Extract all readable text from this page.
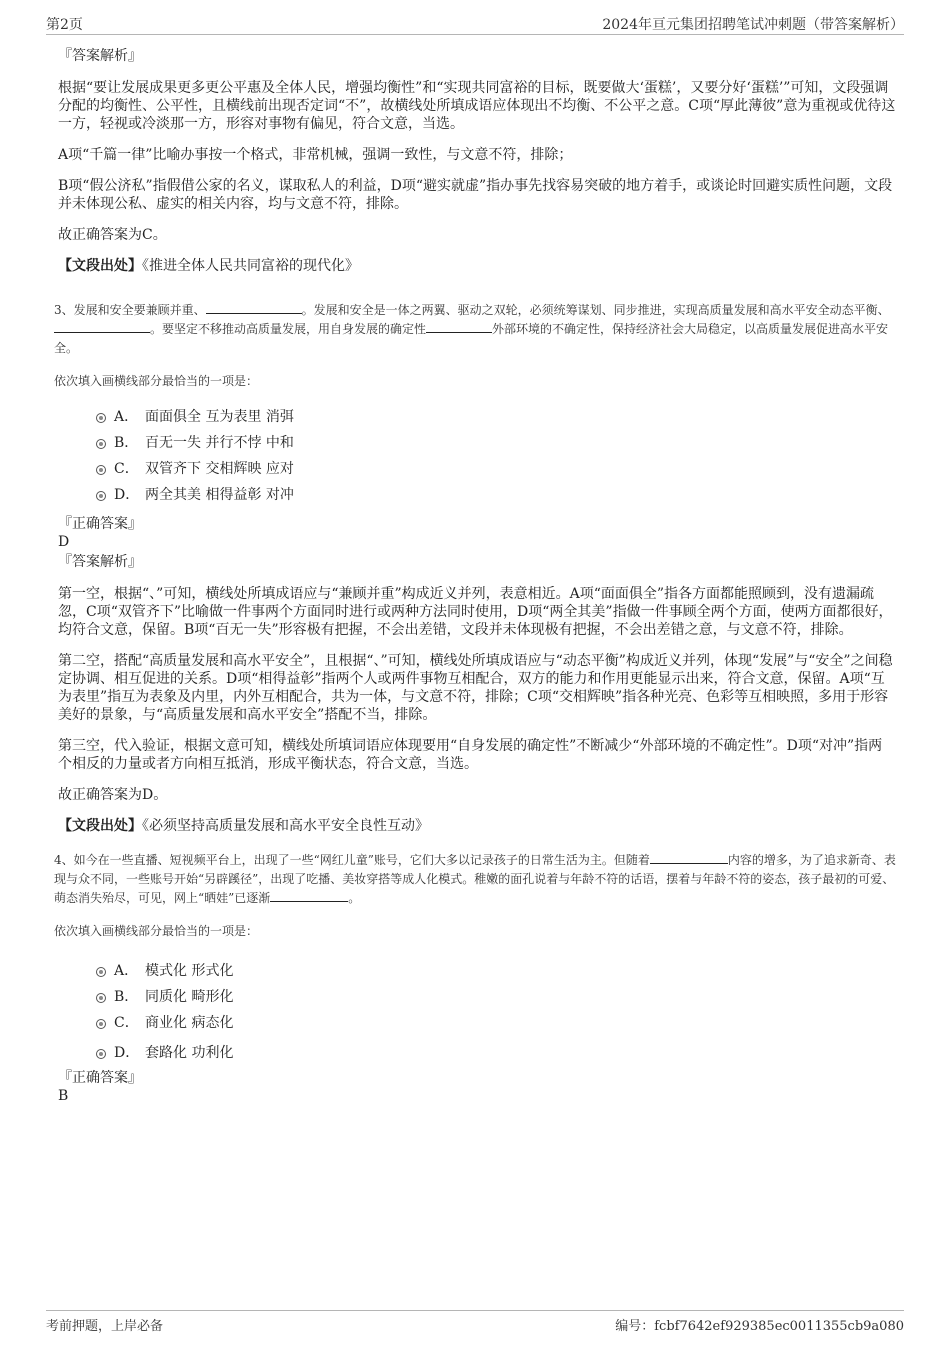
第2页	2024年亘元集团招聘笔试冲刺题（带答案解析）

『答案解析』

根据“要让发展成果更多更公平惠及全体人民，增强均衡性”和“实现共同富裕的目标，既要做大‘蛋糕’，又要分好‘蛋糕’”可知，文段强调分配的均衡性、公平性，且横线前出现否定词“不”，故横线处所填成语应体现出不均衡、不公平之意。C项“厚此薄彼”意为重视或优待这一方，轻视或冷淡那一方，形容对事物有偏见，符合文意，当选。

A项“千篇一律”比喻办事按一个格式，非常机械，强调一致性，与文意不符，排除；

B项“假公济私”指假借公家的名义，谋取私人的利益，D项“避实就虚”指办事先找容易突破的地方着手，或谈论时回避实质性问题，文段并未体现公私、虚实的相关内容，均与文意不符，排除。

故正确答案为C。

【文段出处】《推进全体人民共同富裕的现代化》

3、发展和安全要兼顾并重、	。发展和安全是一体之两翼、驱动之双轮，必须统筹谋划、同步推进，实现高质量发展和高水平安全动态平衡、。要坚定不移推动高质量发展，用自身发展的确定性	外部环境的不确定性，保持经济社会大局稳定，以高质量发展促进高水平安全。

依次填入画横线部分最恰当的一项是：

A． 面面俱全 互为表里 消弭
B． 百无一失 并行不悖 中和
C． 双管齐下 交相辉映 应对
D． 两全其美 相得益彰 对冲

『正确答案』

D

『答案解析』

第一空，根据“、”可知，横线处所填成语应与“兼顾并重”构成近义并列，表意相近。A项“面面俱全”指各方面都能照顾到，没有遗漏疏忽，C项“双管齐下”比喻做一件事两个方面同时进行或两种方法同时使用，D项“两全其美”指做一件事顾全两个方面，使两方面都很好，均符合文意，保留。B项“百无一失”形容极有把握，不会出差错，文段并未体现极有把握，不会出差错之意，与文意不符，排除。

第二空，搭配“高质量发展和高水平安全”，且根据“、”可知，横线处所填成语应与“动态平衡”构成近义并列，体现“发展”与“安全”之间稳定协调、相互促进的关系。D项“相得益彰”指两个人或两件事物互相配合，双方的能力和作用更能显示出来，符合文意，保留。A项“互为表里”指互为表象及内里，内外互相配合，共为一体，与文意不符，排除；C项“交相辉映”指各种光亮、色彩等互相映照，多用于形容美好的景象，与“高质量发展和高水平安全”搭配不当，排除。

第三空，代入验证，根据文意可知，横线处所填词语应体现要用“自身发展的确定性”不断减少“外部环境的不确定性”。D项“对冲”指两个相反的力量或者方向相互抵消，形成平衡状态，符合文意，当选。

故正确答案为D。

【文段出处】《必须坚持高质量发展和高水平安全良性互动》

4、如今在一些直播、短视频平台上，出现了一些“网红儿童”账号，它们大多以记录孩子的日常生活为主。但随着	内容的增多，为了追求新奇、表现与众不同，一些账号开始“另辟蹊径”，出现了吃播、美妆穿搭等成人化模式。稚嫩的面孔说着与年龄不符的话语，摆着与年龄不符的姿态，孩子最初的可爱、萌态消失殆尽，可见，网上“晒娃”已逐渐	。

依次填入画横线部分最恰当的一项是：

A． 模式化 形式化
B． 同质化 畸形化
C． 商业化 病态化
D． 套路化 功利化

『正确答案』

B

考前押题，上岸必备	编号：fcbf7642ef929385ec0011355cb9a080
